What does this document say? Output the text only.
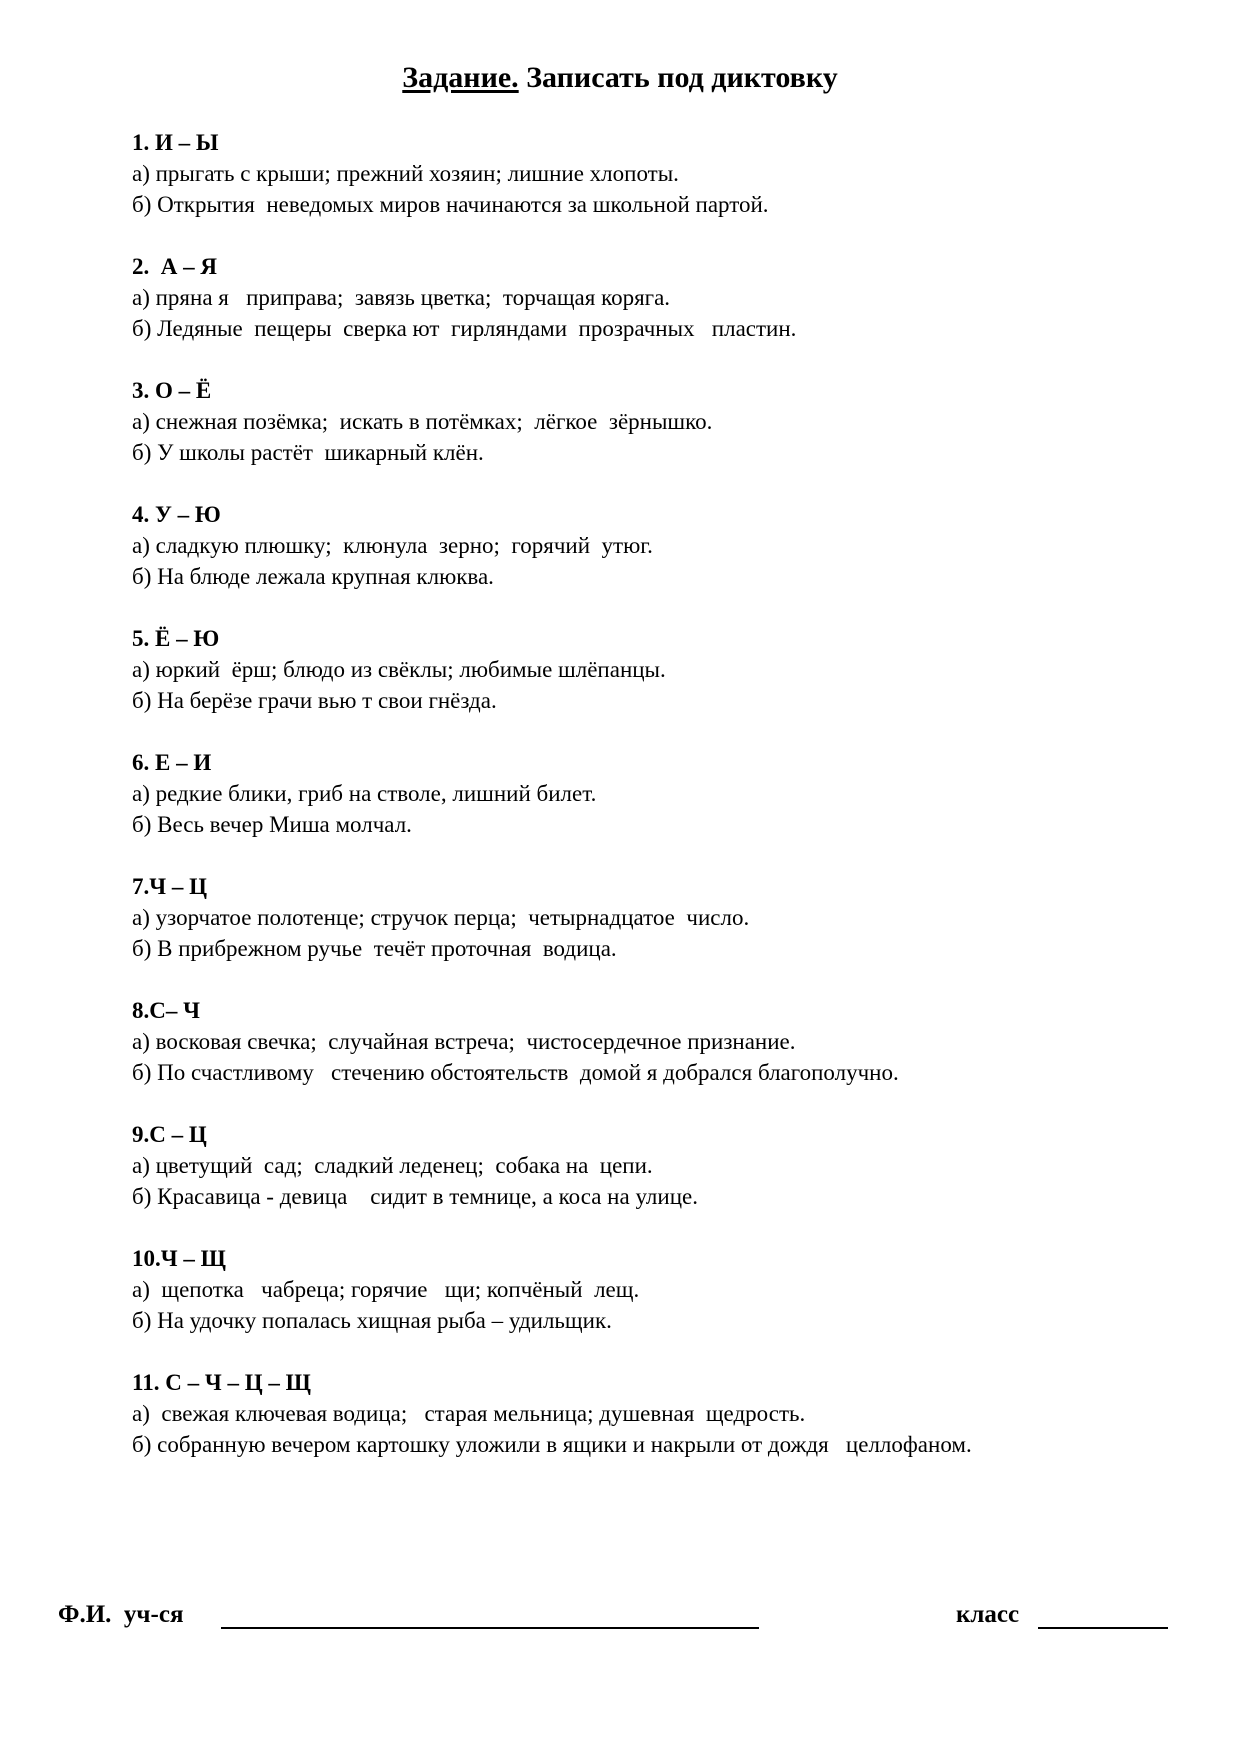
Задание. Записать под диктовку
1. И – Ы
а) прыгать с крыши; прежний хозяин; лишние хлопоты.
б) Открытия  неведомых миров начинаются за школьной партой.
2.  А – Я
а) пряна я   приправа;  завязь цветка;  торчащая коряга.
б) Ледяные  пещеры  сверка ют  гирляндами  прозрачных   пластин.
3. О – Ё
а) снежная позёмка;  искать в потёмках;  лёгкое  зёрнышко.
б) У школы растёт  шикарный клён.
4. У – Ю
а) сладкую плюшку;  клюнула  зерно;  горячий  утюг.
б) На блюде лежала крупная клюква.
5. Ё – Ю
а) юркий  ёрш; блюдо из свёклы; любимые шлёпанцы.
б) На берёзе грачи вью т свои гнёзда.
6. Е – И
а) редкие блики, гриб на стволе, лишний билет.
б) Весь вечер Миша молчал.
7.Ч – Ц
а) узорчатое полотенце; стручок перца;  четырнадцатое  число.
б) В прибрежном ручье  течёт проточная  водица.
8.С– Ч
а) восковая свечка;  случайная встреча;  чистосердечное признание.
б) По счастливому   стечению обстоятельств  домой я добрался благополучно.
9.С – Ц
а) цветущий  сад;  сладкий леденец;  собака на  цепи.
б) Красавица - девица    сидит в темнице, а коса на улице.
10.Ч – Щ
а)  щепотка   чабреца; горячие   щи; копчёный  лещ.
б) На удочку попалась хищная рыба – удильщик.
11. С – Ч – Ц – Щ
а)  свежая ключевая водица;   старая мельница; душевная  щедрость.
б) собранную вечером картошку уложили в ящики и накрыли от дождя   целлофаном.
Ф.И.  уч-ся	класс
